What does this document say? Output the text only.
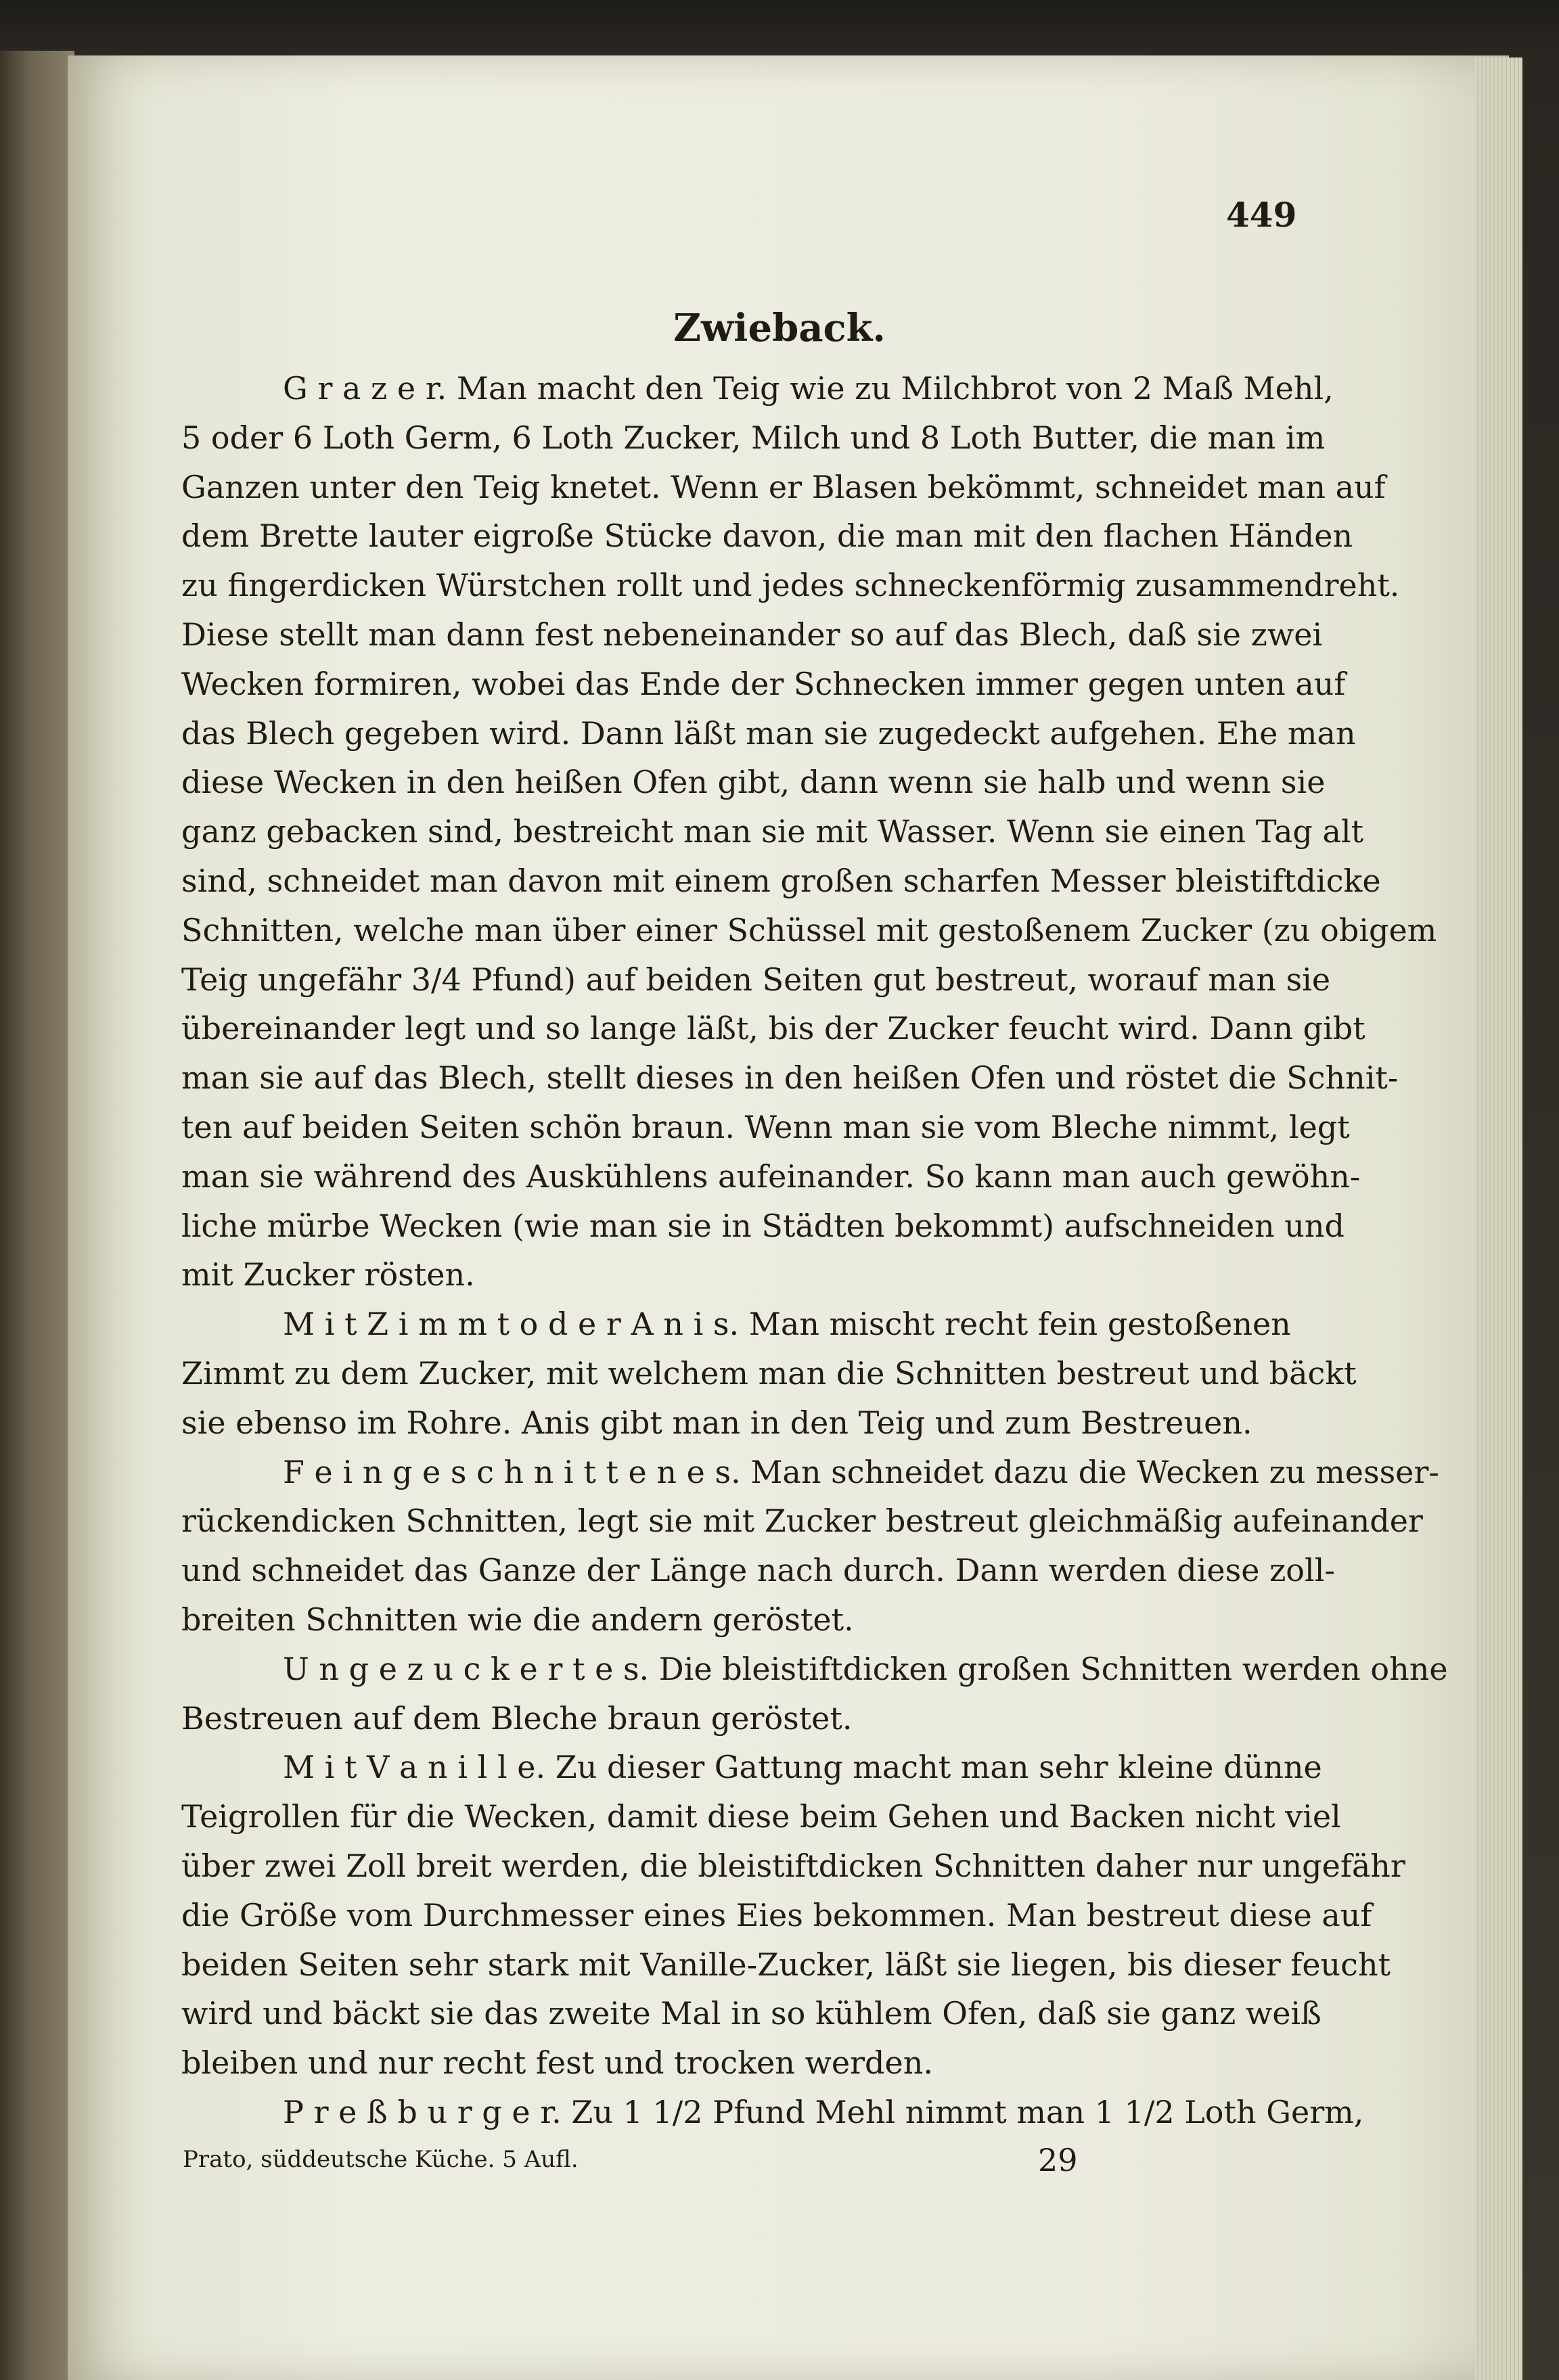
449
Zwieback.
G r a z e r. Man macht den Teig wie zu Milchbrot von 2 Maß Mehl,
5 oder 6 Loth Germ, 6 Loth Zucker, Milch und 8 Loth Butter, die man im
Ganzen unter den Teig knetet. Wenn er Blasen bekömmt, schneidet man auf
dem Brette lauter eigroße Stücke davon, die man mit den flachen Händen
zu fingerdicken Würstchen rollt und jedes schneckenförmig zusammendreht.
Diese stellt man dann fest nebeneinander so auf das Blech, daß sie zwei
Wecken formiren, wobei das Ende der Schnecken immer gegen unten auf
das Blech gegeben wird. Dann läßt man sie zugedeckt aufgehen. Ehe man
diese Wecken in den heißen Ofen gibt, dann wenn sie halb und wenn sie
ganz gebacken sind, bestreicht man sie mit Wasser. Wenn sie einen Tag alt
sind, schneidet man davon mit einem großen scharfen Messer bleistiftdicke
Schnitten, welche man über einer Schüssel mit gestoßenem Zucker (zu obigem
Teig ungefähr 3/4 Pfund) auf beiden Seiten gut bestreut, worauf man sie
übereinander legt und so lange läßt, bis der Zucker feucht wird. Dann gibt
man sie auf das Blech, stellt dieses in den heißen Ofen und röstet die Schnit-
ten auf beiden Seiten schön braun. Wenn man sie vom Bleche nimmt, legt
man sie während des Auskühlens aufeinander. So kann man auch gewöhn-
liche mürbe Wecken (wie man sie in Städten bekommt) aufschneiden und
mit Zucker rösten.
M i t Z i m m t o d e r A n i s. Man mischt recht fein gestoßenen
Zimmt zu dem Zucker, mit welchem man die Schnitten bestreut und bäckt
sie ebenso im Rohre. Anis gibt man in den Teig und zum Bestreuen.
F e i n g e s c h n i t t e n e s. Man schneidet dazu die Wecken zu messer-
rückendicken Schnitten, legt sie mit Zucker bestreut gleichmäßig aufeinander
und schneidet das Ganze der Länge nach durch. Dann werden diese zoll-
breiten Schnitten wie die andern geröstet.
U n g e z u c k e r t e s. Die bleistiftdicken großen Schnitten werden ohne
Bestreuen auf dem Bleche braun geröstet.
M i t V a n i l l e. Zu dieser Gattung macht man sehr kleine dünne
Teigrollen für die Wecken, damit diese beim Gehen und Backen nicht viel
über zwei Zoll breit werden, die bleistiftdicken Schnitten daher nur ungefähr
die Größe vom Durchmesser eines Eies bekommen. Man bestreut diese auf
beiden Seiten sehr stark mit Vanille-Zucker, läßt sie liegen, bis dieser feucht
wird und bäckt sie das zweite Mal in so kühlem Ofen, daß sie ganz weiß
bleiben und nur recht fest und trocken werden.
P r e ß b u r g e r. Zu 1 1/2 Pfund Mehl nimmt man 1 1/2 Loth Germ,
Prato, süddeutsche Küche. 5 Aufl.	29
